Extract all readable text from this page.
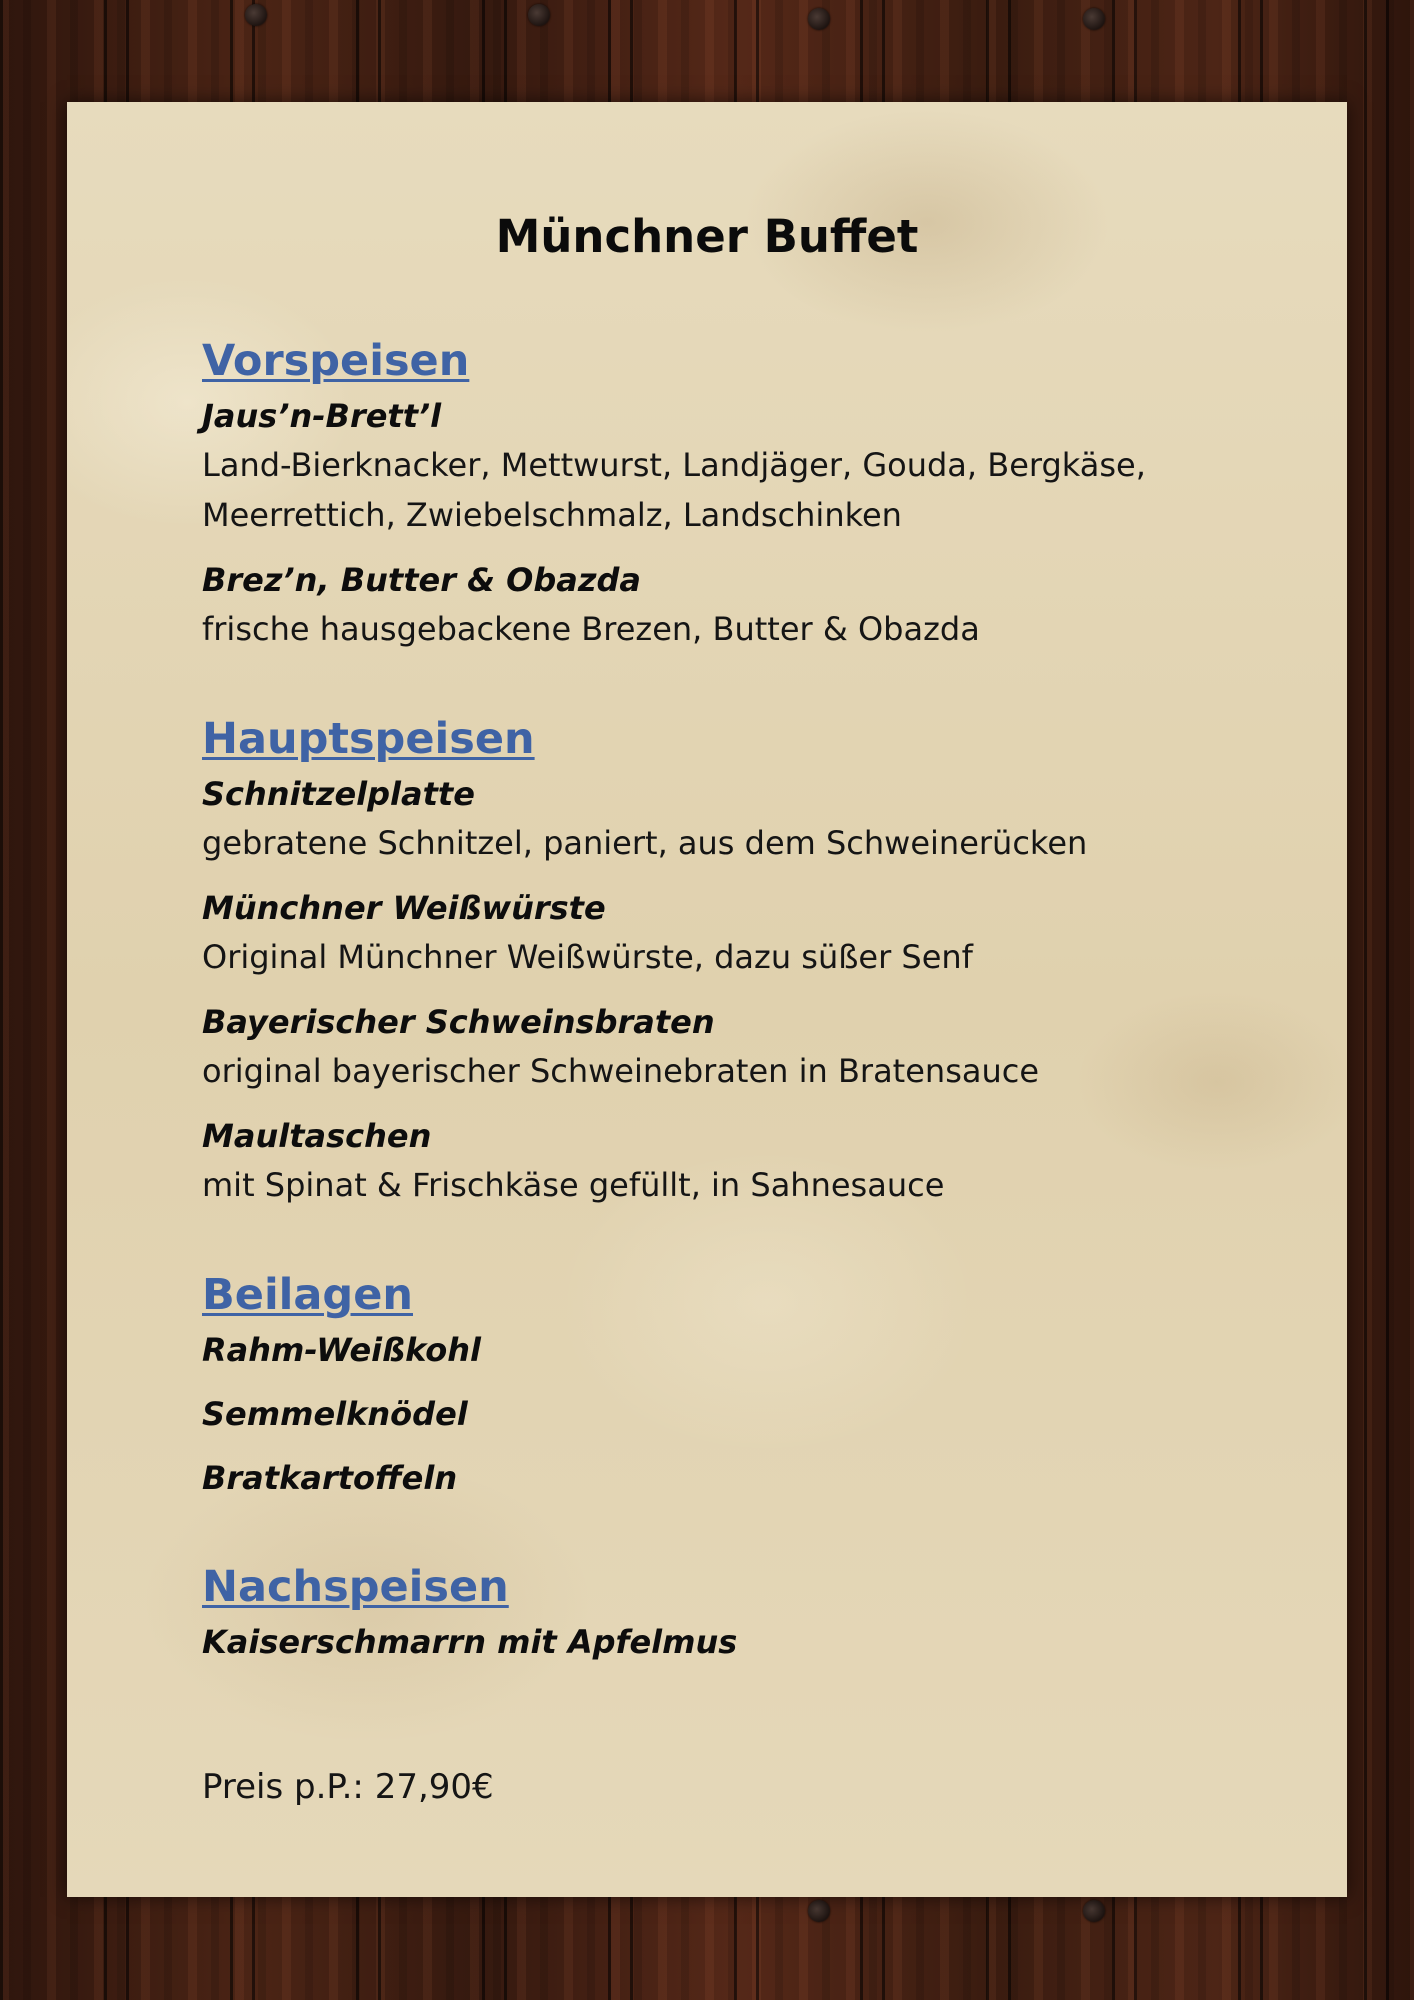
Münchner Buffet
Vorspeisen
Jaus’n-Brett’l
Land-Bierknacker, Mettwurst, Landjäger, Gouda, Bergkäse, Meerrettich, Zwiebelschmalz, Landschinken
Brez’n, Butter & Obazda
frische hausgebackene Brezen, Butter & Obazda
Hauptspeisen
Schnitzelplatte
gebratene Schnitzel, paniert, aus dem Schweinerücken
Münchner Weißwürste
Original Münchner Weißwürste, dazu süßer Senf
Bayerischer Schweinsbraten
original bayerischer Schweinebraten in Bratensauce
Maultaschen
mit Spinat & Frischkäse gefüllt, in Sahnesauce
Beilagen
Rahm-Weißkohl
Semmelknödel
Bratkartoffeln
Nachspeisen
Kaiserschmarrn mit Apfelmus
Preis p.P.: 27,90€
